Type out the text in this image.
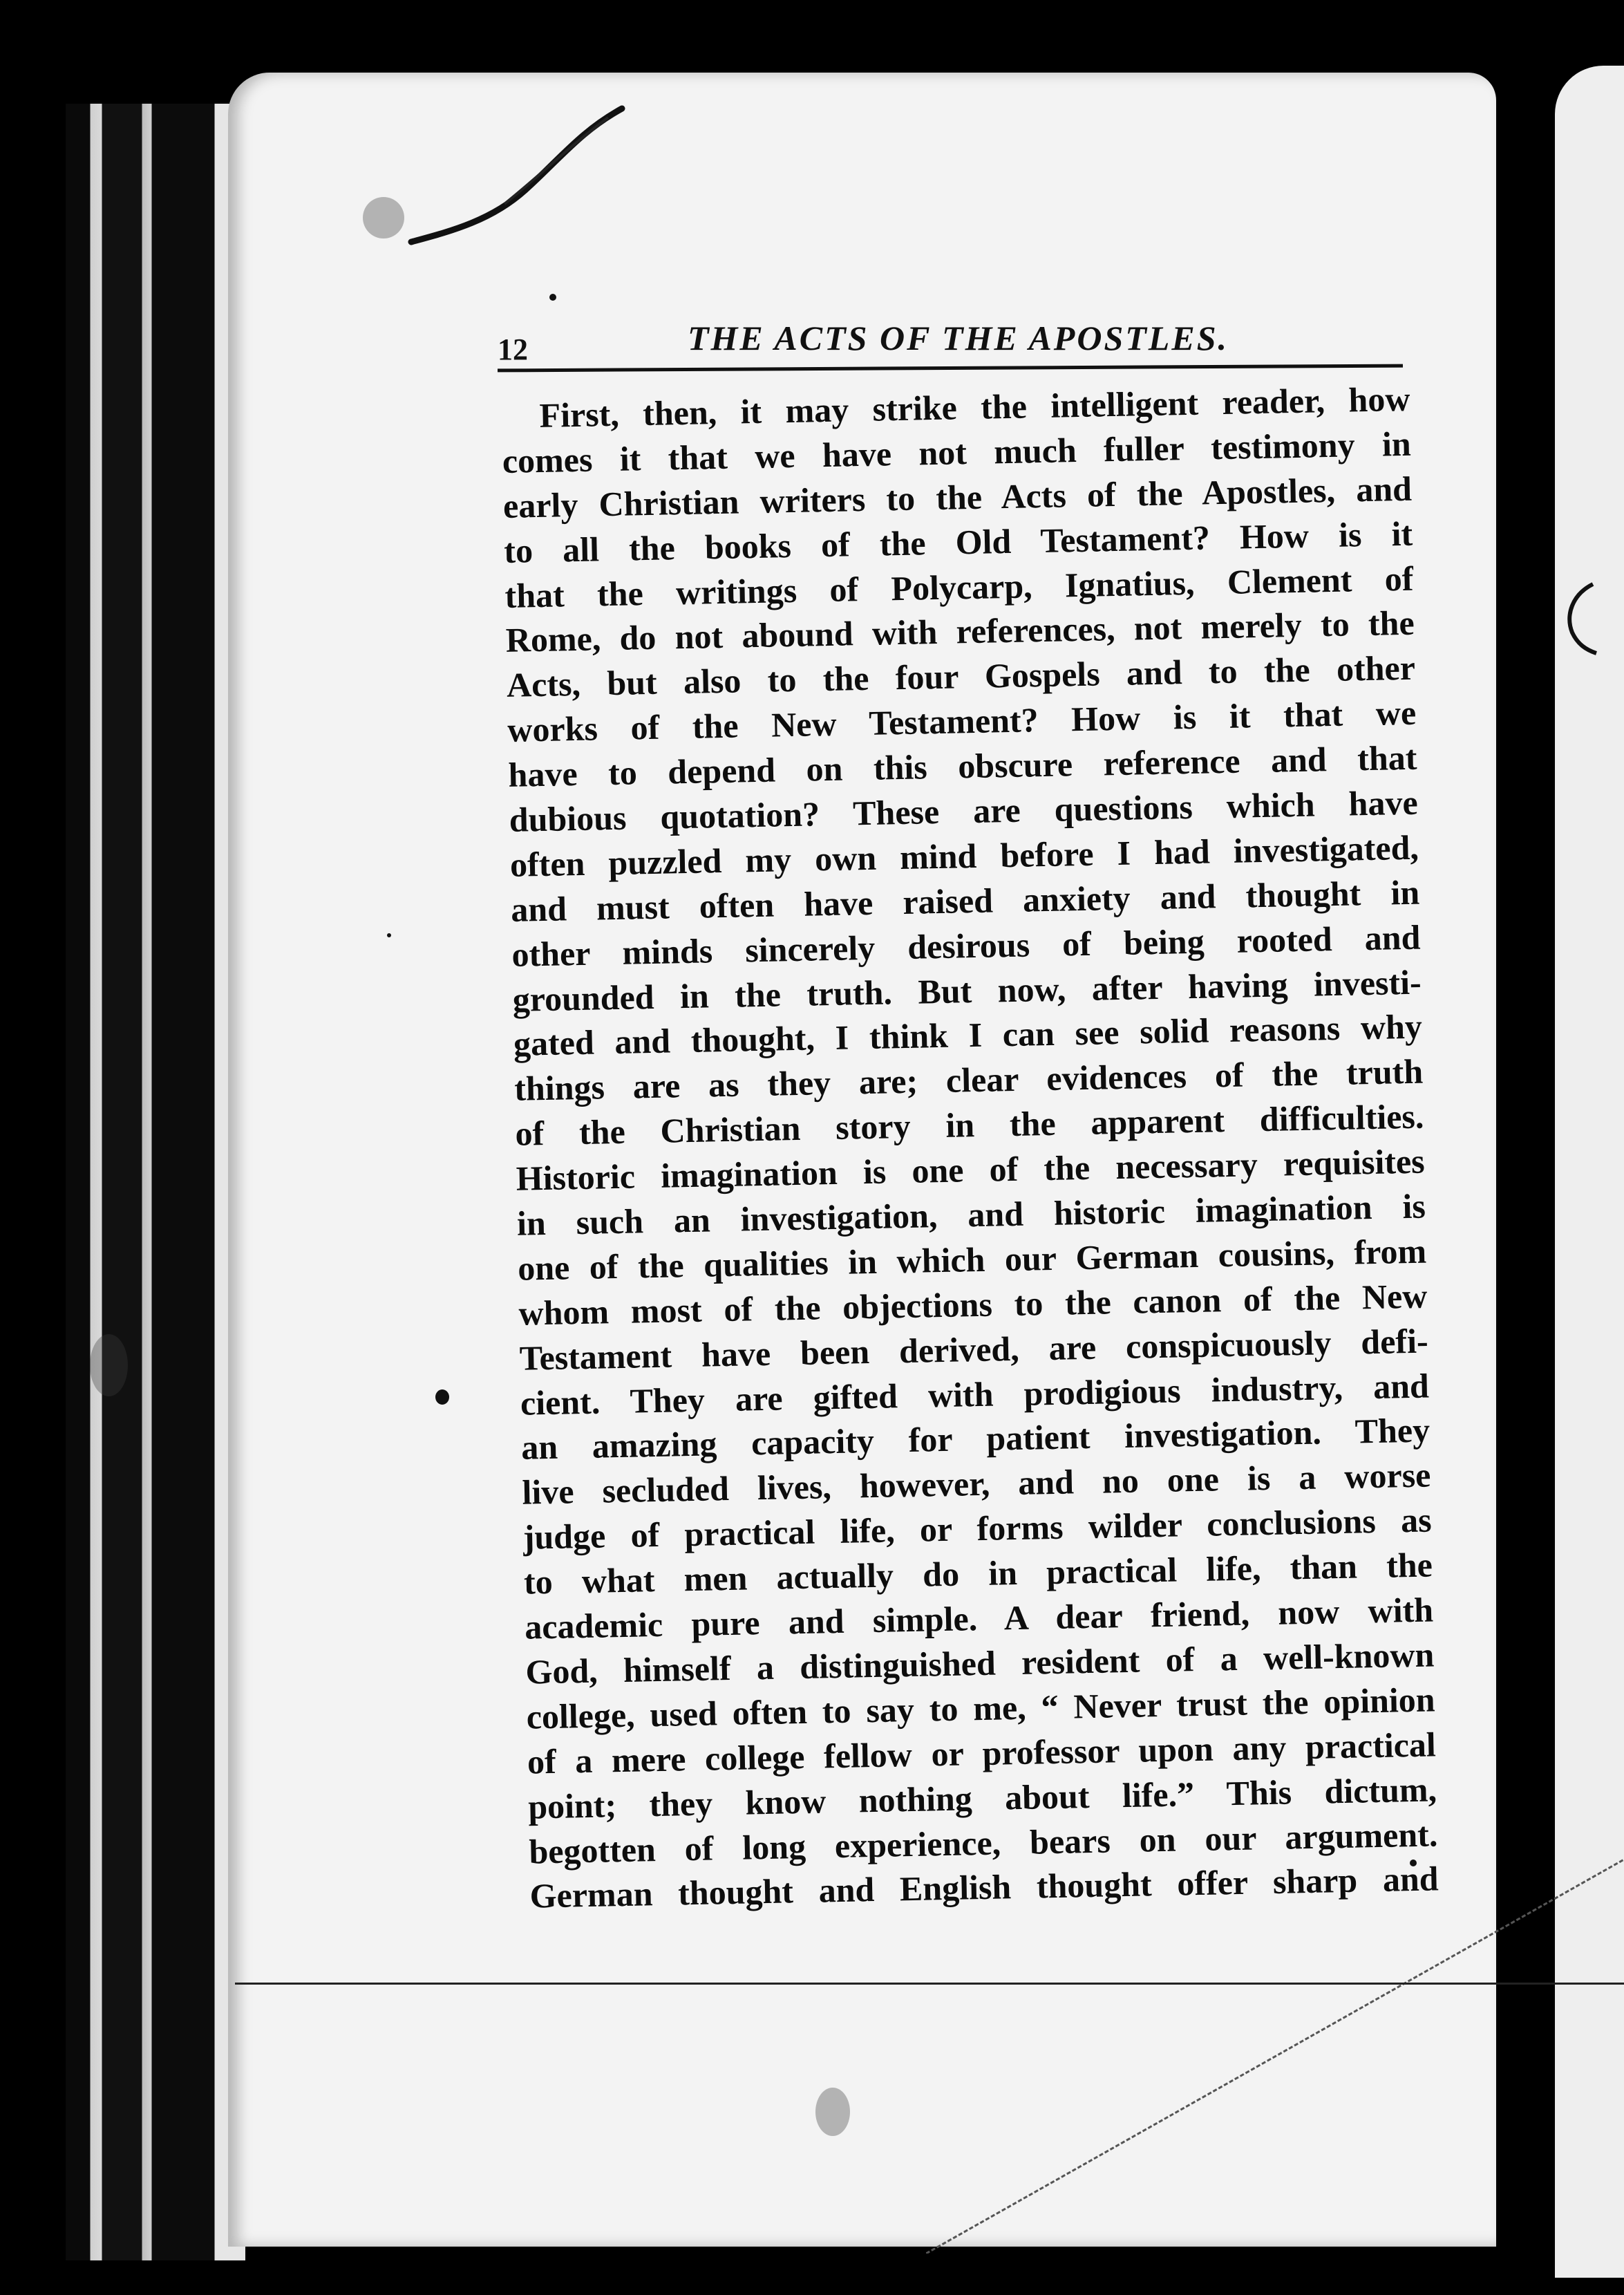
12	THE ACTS OF THE APOSTLES.
First, then, it may strike the intelligent reader, how
comes it that we have not much fuller testimony in
early Christian writers to the Acts of the Apostles, and
to all the books of the Old Testament? How is it
that the writings of Polycarp, Ignatius, Clement of
Rome, do not abound with references, not merely to the
Acts, but also to the four Gospels and to the other
works of the New Testament? How is it that we
have to depend on this obscure reference and that
dubious quotation? These are questions which have
often puzzled my own mind before I had investigated,
and must often have raised anxiety and thought in
other minds sincerely desirous of being rooted and
grounded in the truth. But now, after having investi-
gated and thought, I think I can see solid reasons why
things are as they are; clear evidences of the truth
of the Christian story in the apparent difficulties.
Historic imagination is one of the necessary requisites
in such an investigation, and historic imagination is
one of the qualities in which our German cousins, from
whom most of the objections to the canon of the New
Testament have been derived, are conspicuously defi-
cient. They are gifted with prodigious industry, and
an amazing capacity for patient investigation. They
live secluded lives, however, and no one is a worse
judge of practical life, or forms wilder conclusions as
to what men actually do in practical life, than the
academic pure and simple. A dear friend, now with
God, himself a distinguished resident of a well-known
college, used often to say to me, “ Never trust the opinion
of a mere college fellow or professor upon any practical
point; they know nothing about life.” This dictum,
begotten of long experience, bears on our argument.
German thought and English thought offer sharp and
